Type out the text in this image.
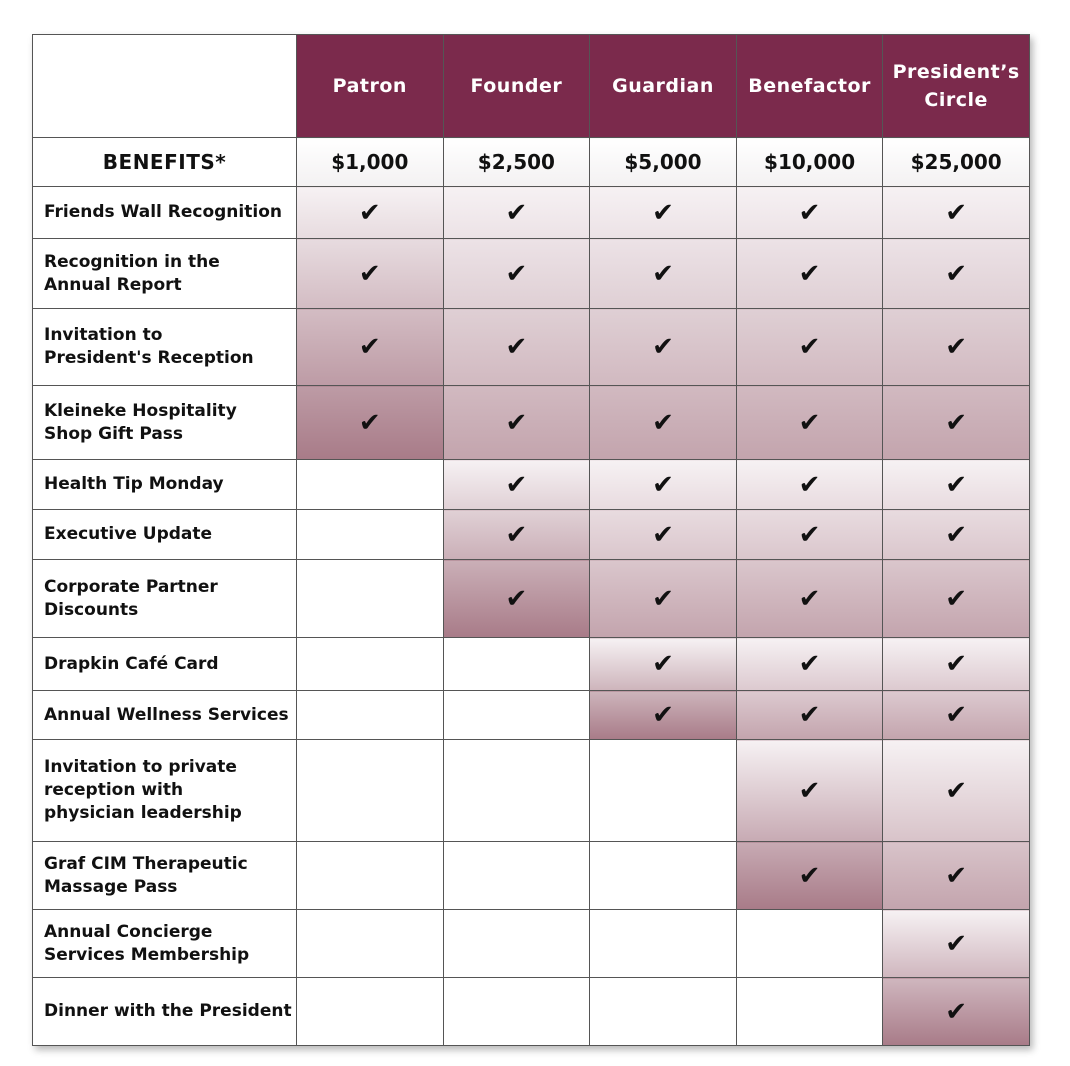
	Patron	Founder	Guardian	Benefactor	President’s
Circle
BENEFITS*	$1,000	$2,500	$5,000	$10,000	$25,000
Friends Wall Recognition	✔	✔	✔	✔	✔
Recognition in the
Annual Report	✔	✔	✔	✔	✔
Invitation to
President's Reception	✔	✔	✔	✔	✔
Kleineke Hospitality
Shop Gift Pass	✔	✔	✔	✔	✔
Health Tip Monday		✔	✔	✔	✔
Executive Update		✔	✔	✔	✔
Corporate Partner
Discounts		✔	✔	✔	✔
Drapkin Café Card			✔	✔	✔
Annual Wellness Services			✔	✔	✔
Invitation to private
reception with
physician leadership				✔	✔
Graf CIM Therapeutic
Massage Pass				✔	✔
Annual Concierge
Services Membership					✔
Dinner with the President					✔
